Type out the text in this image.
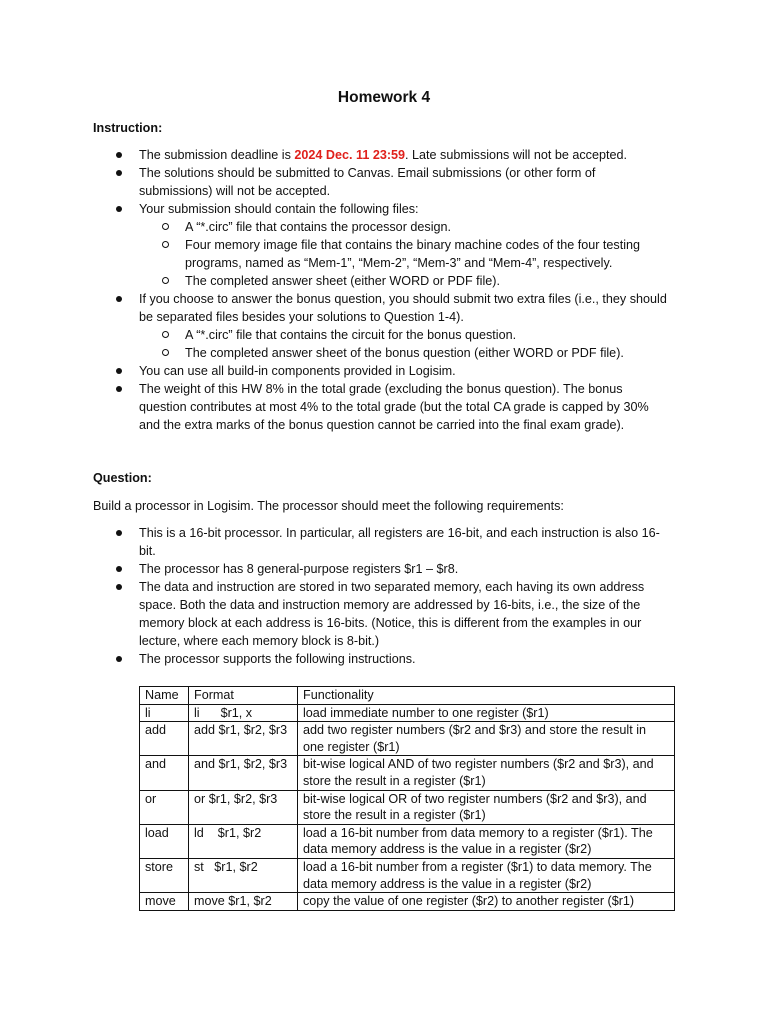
Homework 4
Instruction:
The submission deadline is 2024 Dec. 11 23:59. Late submissions will not be accepted.
The solutions should be submitted to Canvas. Email submissions (or other form of submissions) will not be accepted.
Your submission should contain the following files:
A “*.circ” file that contains the processor design.
Four memory image file that contains the binary machine codes of the four testing programs, named as “Mem-1”, “Mem-2”, “Mem-3” and “Mem-4”, respectively.
The completed answer sheet (either WORD or PDF file).
If you choose to answer the bonus question, you should submit two extra files (i.e., they should be separated files besides your solutions to Question 1-4).
A “*.circ” file that contains the circuit for the bonus question.
The completed answer sheet of the bonus question (either WORD or PDF file).
You can use all build-in components provided in Logisim.
The weight of this HW 8% in the total grade (excluding the bonus question). The bonus question contributes at most 4% to the total grade (but the total CA grade is capped by 30% and the extra marks of the bonus question cannot be carried into the final exam grade).
Question:
Build a processor in Logisim. The processor should meet the following requirements:
This is a 16-bit processor. In particular, all registers are 16-bit, and each instruction is also 16-bit.
The processor has 8 general-purpose registers $r1 – $r8.
The data and instruction are stored in two separated memory, each having its own address space. Both the data and instruction memory are addressed by 16-bits, i.e., the size of the memory block at each address is 16-bits. (Notice, this is different from the examples in our lecture, where each memory block is 8-bit.)
The processor supports the following instructions.
Name	Format	Functionality
li	li      $r1, x	load immediate number to one register ($r1)
add	add $r1, $r2, $r3	add two register numbers ($r2 and $r3) and store the result in one register ($r1)
and	and $r1, $r2, $r3	bit-wise logical AND of two register numbers ($r2 and $r3), and store the result in a register ($r1)
or	or $r1, $r2, $r3	bit-wise logical OR of two register numbers ($r2 and $r3), and store the result in a register ($r1)
load	ld    $r1, $r2	load a 16-bit number from data memory to a register ($r1). The data memory address is the value in a register ($r2)
store	st   $r1, $r2	load a 16-bit number from a register ($r1) to data memory. The data memory address is the value in a register ($r2)
move	move $r1, $r2	copy the value of one register ($r2) to another register ($r1)
